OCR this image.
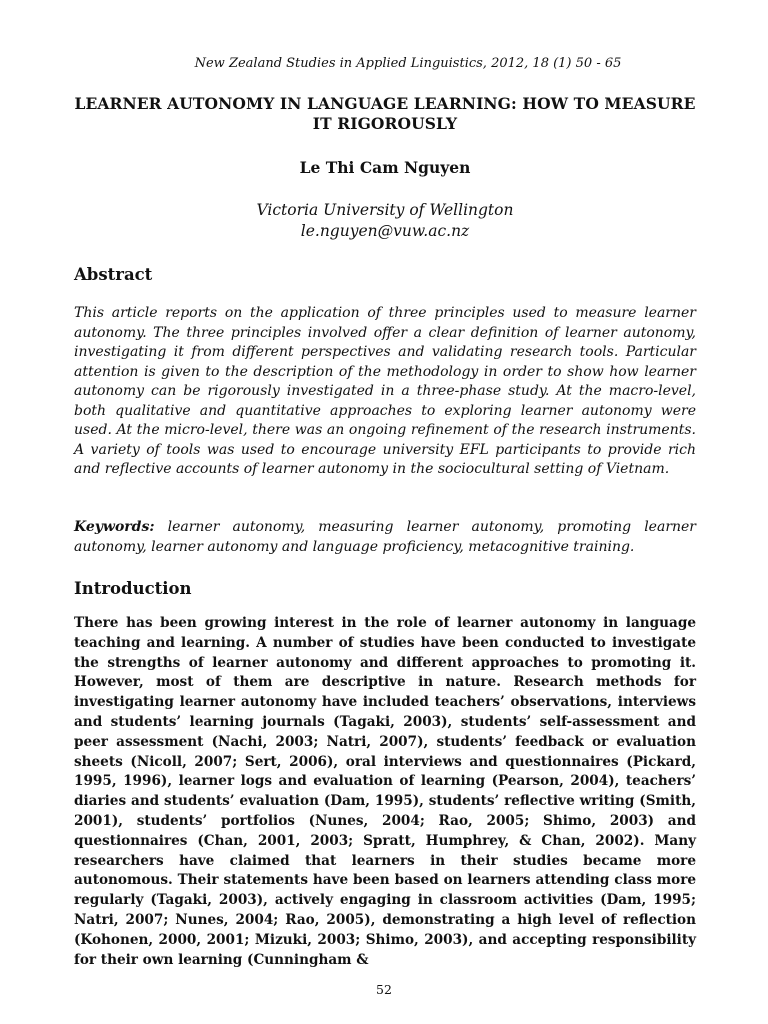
New Zealand Studies in Applied Linguistics, 2012, 18 (1) 50 - 65
LEARNER AUTONOMY IN LANGUAGE LEARNING: HOW TO MEASURE IT RIGOROUSLY
Le Thi Cam Nguyen
Victoria University of Wellington
le.nguyen@vuw.ac.nz
Abstract

This article reports on the application of three principles used to measure learner autonomy. The three principles involved offer a clear definition of learner autonomy, investigating it from different perspectives and validating research tools. Particular attention is given to the description of the methodology in order to show how learner autonomy can be rigorously investigated in a three-phase study. At the macro-level, both qualitative and quantitative approaches to exploring learner autonomy were used. At the micro-level, there was an ongoing refinement of the research instruments. A variety of tools was used to encourage university EFL participants to provide rich and reflective accounts of learner autonomy in the sociocultural setting of Vietnam.

Keywords: learner autonomy, measuring learner autonomy, promoting learner autonomy, learner autonomy and language proficiency, metacognitive training.

Introduction

There has been growing interest in the role of learner autonomy in language teaching and learning. A number of studies have been conducted to investigate the strengths of learner autonomy and different approaches to promoting it. However, most of them are descriptive in nature. Research methods for investigating learner autonomy have included teachers’ observations, interviews and students’ learning journals (Tagaki, 2003), students’ self-assessment and peer assessment (Nachi, 2003; Natri, 2007), students’ feedback or evaluation sheets (Nicoll, 2007; Sert, 2006), oral interviews and questionnaires (Pickard, 1995, 1996), learner logs and evaluation of learning (Pearson, 2004), teachers’ diaries and students’ evaluation (Dam, 1995), students’ reflective writing (Smith, 2001), students’ portfolios (Nunes, 2004; Rao, 2005; Shimo, 2003) and questionnaires (Chan, 2001, 2003; Spratt, Humphrey, & Chan, 2002). Many researchers have claimed that learners in their studies became more autonomous. Their statements have been based on learners attending class more regularly (Tagaki, 2003), actively engaging in classroom activities (Dam, 1995; Natri, 2007; Nunes, 2004; Rao, 2005), demonstrating a high level of reflection (Kohonen, 2000, 2001; Mizuki, 2003; Shimo, 2003), and accepting responsibility for their own learning (Cunningham &

52
